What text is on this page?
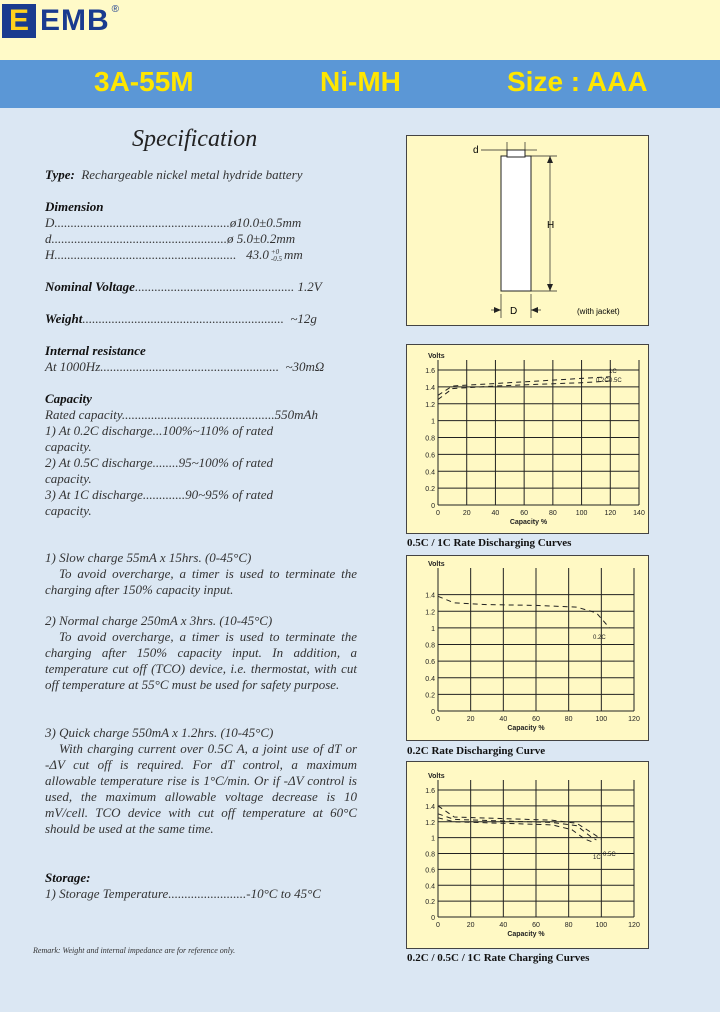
E EMB ®
3A-55M	Ni-MH	Size : AAA
Specification
Type: Rechargeable nickel metal hydride battery
Dimension
D......................................................ø10.0±0.5mm
d......................................................ø 5.0±0.2mm
H........................................................ 43.0 +0
-0.5 mm
Nominal Voltage................................................. 1.2V
Weight.............................................................. ~12g
Internal resistance
At 1000Hz....................................................... ~30mΩ
Capacity
Rated capacity...............................................550mAh
1) At 0.2C discharge...100%~110% of rated
capacity.
2) At 0.5C discharge........95~100% of rated
capacity.
3) At 1C discharge.............90~95% of rated
capacity.
1) Slow charge 55mA x 15hrs. (0-45°C)
To avoid overcharge, a timer is used to terminate the charging after 150% capacity input.
2) Normal charge 250mA x 3hrs. (10-45°C)
To avoid overcharge, a timer is used to terminate the charging after 150% capacity input. In addition, a temperature cut off (TCO) device, i.e. thermostat, with cut off temperature at 55°C must be used for safety purpose.
3) Quick charge 550mA x 1.2hrs. (10-45°C)
With charging current over 0.5C A, a joint use of dT or -ΔV cut off is required. For dT control, a maximum allowable temperature rise is 1°C/min. Or if -ΔV control is used, the maximum allowable voltage decrease is 10 mV/cell. TCO device with cut off temperature at 60°C should be used at the same time.
Storage:
1) Storage Temperature........................-10°C to 45°C
Remark: Weight and internal impedance are for reference only.
d
D
H
(with jacket)
0
0.2
0.4
0.6
0.8
1
1.2
1.4
1.6
0	20	40	60	80	100 120 140
Volts
Capacity %
1C
0.5C
0.2C
0.5C / 1C Rate Discharging Curves
0
0.2
0.4
0.6
0.8
1
1.2
1.4
0	20	40	60	80	100	120
Volts
Capacity %
0.2C
0.2C Rate Discharging Curve
0
0.2
0.4
0.6
0.8
1
1.2
1.4
1.6
0	20	40	60	80	100	120
Volts
Capacity %
0.5C
1C
0.2C / 0.5C / 1C Rate Charging Curves
